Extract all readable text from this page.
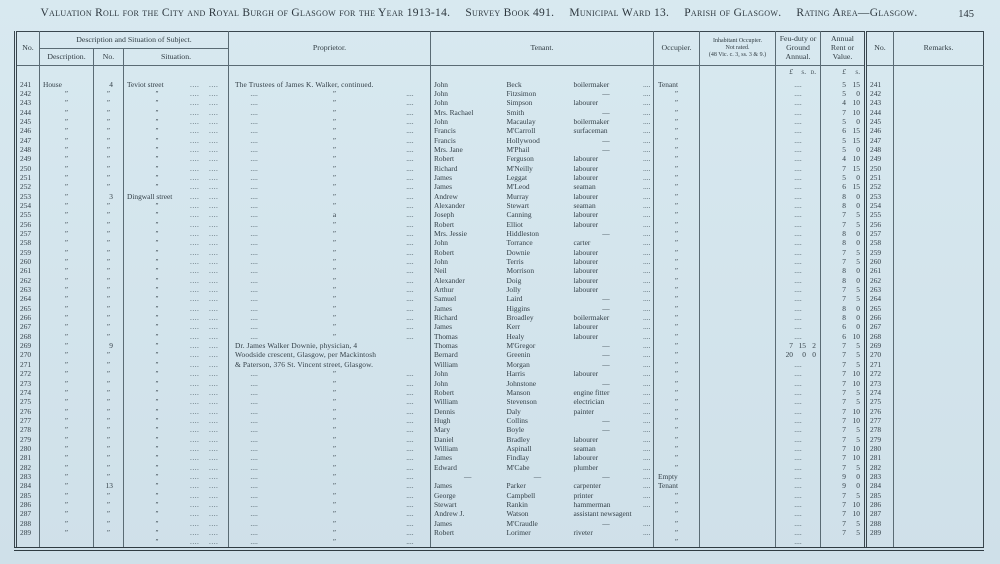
Valuation Roll for the City and Royal Burgh of Glasgow for the Year 1913-14. Survey Book 491. Municipal Ward 13. Parish of Glasgow. Rating Area—Glasgow.	145
No.	Description and Situation of Subject.			Proprietor.	Tenant.				Occupier.	Inhabitant Occupier.
Not rated.
(48 Vic. c. 3, ss. 3 & 9.)	Feu-duty or Ground Annual.	Annual Rent or Value.	No.	Remarks.
	Description.	No.	Situation.											
											£ s. d.	£ s.		
241	House	4	Teviot street .... ....	The Trustees of James K. Walker, continued.	John	Beck	boilermaker	....	Tenant		....	5 15	241	
242	″	″	″ .... ....	.... ″ ....	John	Fitzsimon	—	....	″		....	5 0	242	
243	″	″	″ .... ....	.... ″ ....	John	Simpson	labourer	....	″		....	4 10	243	
244	″	″	″ .... ....	.... ″ ....	Mrs. Rachael	Smith	—	....	″		....	7 10	244	
245	″	″	″ .... ....	.... ″ ....	John	Macaulay	boilermaker	....	″		....	5 0	245	
246	″	″	″ .... ....	.... ″ ....	Francis	M'Carroll	surfaceman	....	″		....	6 15	246	
247	″	″	″ .... ....	.... ″ ....	Francis	Hollywood	—	....	″		....	5 15	247	
248	″	″	″ .... ....	.... ″ ....	Mrs. Jane	M'Phail	—	....	″		....	5 0	248	
249	″	″	″ .... ....	.... ″ ....	Robert	Ferguson	labourer	....	″		....	4 10	249	
250	″	″	″ .... ....	.... ″ ....	Richard	M'Neilly	labourer	....	″		....	7 15	250	
251	″	″	″ .... ....	.... ″ ....	James	Leggat	labourer	....	″		....	5 0	251	
252	″	″	″ .... ....	.... ″ ....	James	M'Leod	seaman	....	″		....	6 15	252	
253	″	3	Dingwall street .... ....	.... ″ ....	Andrew	Murray	labourer	....	″		....	8 0	253	
254	″	″	″ .... ....	.... ″ ....	Alexander	Stewart	seaman	....	″		....	8 0	254	
255	″	″	″ .... ....	.... a ....	Joseph	Canning	labourer	....	″		....	7 5	255	
256	″	″	″ .... ....	.... ″ ....	Robert	Elliot	labourer	....	″		....	7 5	256	
257	″	″	″ .... ....	.... ″ ....	Mrs. Jessie	Hiddleston	—	....	″		....	8 0	257	
258	″	″	″ .... ....	.... ″ ....	John	Torrance	carter	....	″		....	8 0	258	
259	″	″	″ .... ....	.... ″ ....	Robert	Downie	labourer	....	″		....	7 5	259	
260	″	″	″ .... ....	.... ″ ....	John	Terris	labourer	....	″		....	7 5	260	
261	″	″	″ .... ....	.... ″ ....	Neil	Morrison	labourer	....	″		....	8 0	261	
262	″	″	″ .... ....	.... ″ ....	Alexander	Doig	labourer	....	″		....	8 0	262	
263	″	″	″ .... ....	.... ″ ....	Arthur	Jolly	labourer	....	″		....	7 5	263	
264	″	″	″ .... ....	.... ″ ....	Samuel	Laird	—	....	″		....	7 5	264	
265	″	″	″ .... ....	.... ″ ....	James	Higgins	—	....	″		....	8 0	265	
266	″	″	″ .... ....	.... ″ ....	Richard	Broadley	boilermaker	....	″		....	8 0	266	
267	″	″	″ .... ....	.... ″ ....	James	Kerr	labourer	....	″		....	6 0	267	
268	″	″	″ .... ....	.... ″ ....	Thomas	Healy	labourer	....	″		....	6 10	268	
269	″	9	″ .... ....	Dr. James Walker Downie, physician, 4	Thomas	M'Gregor	—	....	″		7 15 2	7 5	269	
270	″	″	″ .... ....	Woodside crescent, Glasgow, per Mackintosh	Bernard	Greenin	—	....	″		20 0 0	7 5	270	
271	″	″	″ .... ....	& Paterson, 376 St. Vincent street, Glasgow.	William	Morgan	—	....	″		....	7 5	271	
272	″	″	″ .... ....	.... ″ ....	John	Harris	labourer	....	″		....	7 10	272	
273	″	″	″ .... ....	.... ″ ....	John	Johnstone	—	....	″		....	7 10	273	
274	″	″	″ .... ....	.... ″ ....	Robert	Manson	engine fitter	....	″		....	7 5	274	
275	″	″	″ .... ....	.... ″ ....	William	Stevenson	electrician	....	″		....	7 5	275	
276	″	″	″ .... ....	.... ″ ....	Dennis	Daly	painter	....	″		....	7 10	276	
277	″	″	″ .... ....	.... ″ ....	Hugh	Collins	—	....	″		....	7 10	277	
278	″	″	″ .... ....	.... ″ ....	Mary	Boyle	—	....	″		....	7 5	278	
279	″	″	″ .... ....	.... ″ ....	Daniel	Bradley	labourer	....	″		....	7 5	279	
280	″	″	″ .... ....	.... ″ ....	William	Aspinall	seaman	....	″		....	7 10	280	
281	″	″	″ .... ....	.... ″ ....	James	Findlay	labourer	....	″		....	7 10	281	
282	″	″	″ .... ....	.... ″ ....	Edward	M'Cabe	plumber	....	″		....	7 5	282	
283	″	″	″ .... ....	.... ″ ....	—	—	—	....	Empty		....	9 0	283	
284	″	13	″ .... ....	.... ″ ....	James	Parker	carpenter	....	Tenant		....	9 0	284	
285	″	″	″ .... ....	.... ″ ....	George	Campbell	printer	....	″		....	7 5	285	
286	″	″	″ .... ....	.... ″ ....	Stewart	Rankin	hammerman	....	″		....	7 10	286	
287	″	″	″ .... ....	.... ″ ....	Andrew J.	Watson	assistant newsagent		″		....	7 10	287	
288	″	″	″ .... ....	.... ″ ....	James	M'Craudle	—	....	″		....	7 5	288	
289	″	″	″ .... ....	.... ″ ....	Robert	Lorimer	riveter	....	″		....	7 5	289	
			″ .... ....	.... ″ ....					″		....			
